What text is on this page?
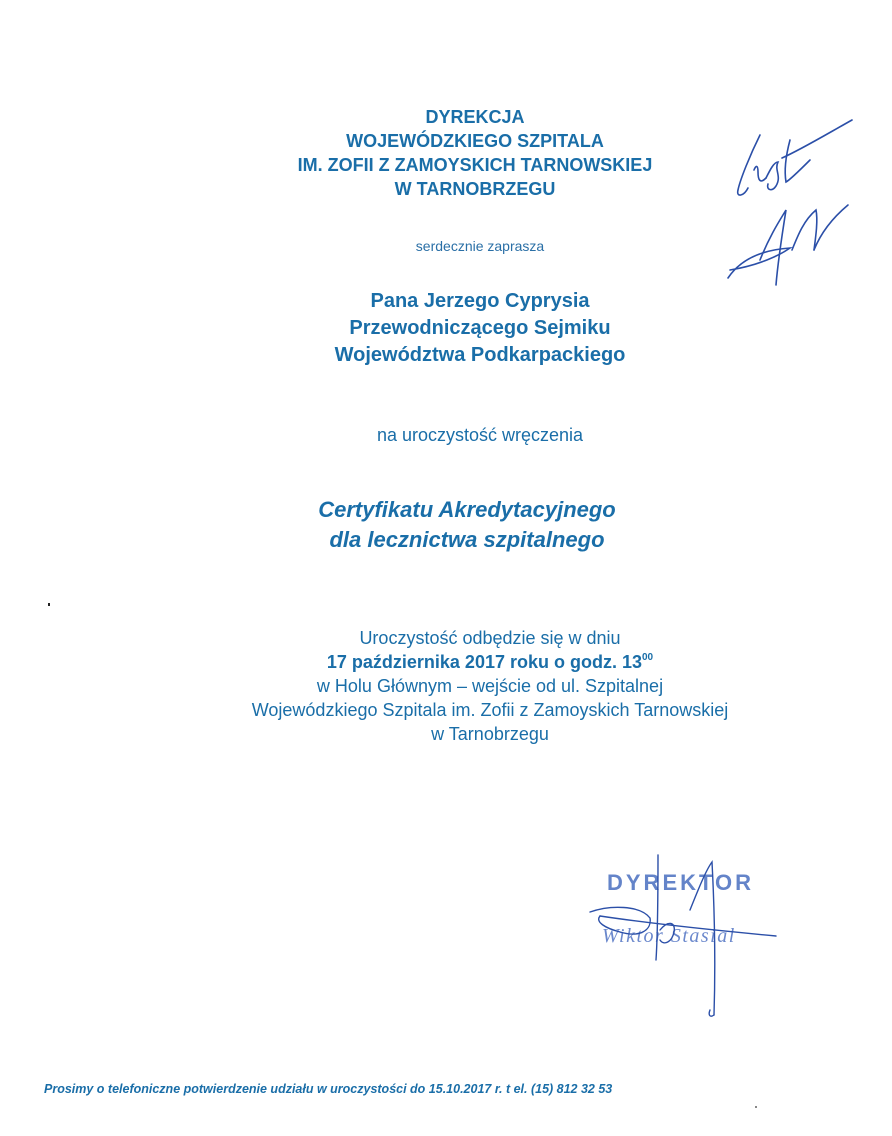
DYREKCJA
WOJEWÓDZKIEGO SZPITALA
IM. ZOFII Z ZAMOYSKICH TARNOWSKIEJ
W TARNOBRZEGU
serdecznie zaprasza
Pana Jerzego Cyprysia
Przewodniczącego Sejmiku
Województwa Podkarpackiego
na uroczystość wręczenia
Certyfikatu Akredytacyjnego
dla lecznictwa szpitalnego
Uroczystość odbędzie się w dniu
17 października 2017 roku o godz. $13^{00}$
w Holu Głównym – wejście od ul. Szpitalnej
Wojewódzkiego Szpitala im. Zofii z Zamoyskich Tarnowskiej
w Tarnobrzegu
DYREKTOR
Wiktor Stasial
Prosimy o telefoniczne potwierdzenie udziału w uroczystości do 15.10.2017 r. t el. (15) 812 32 53
